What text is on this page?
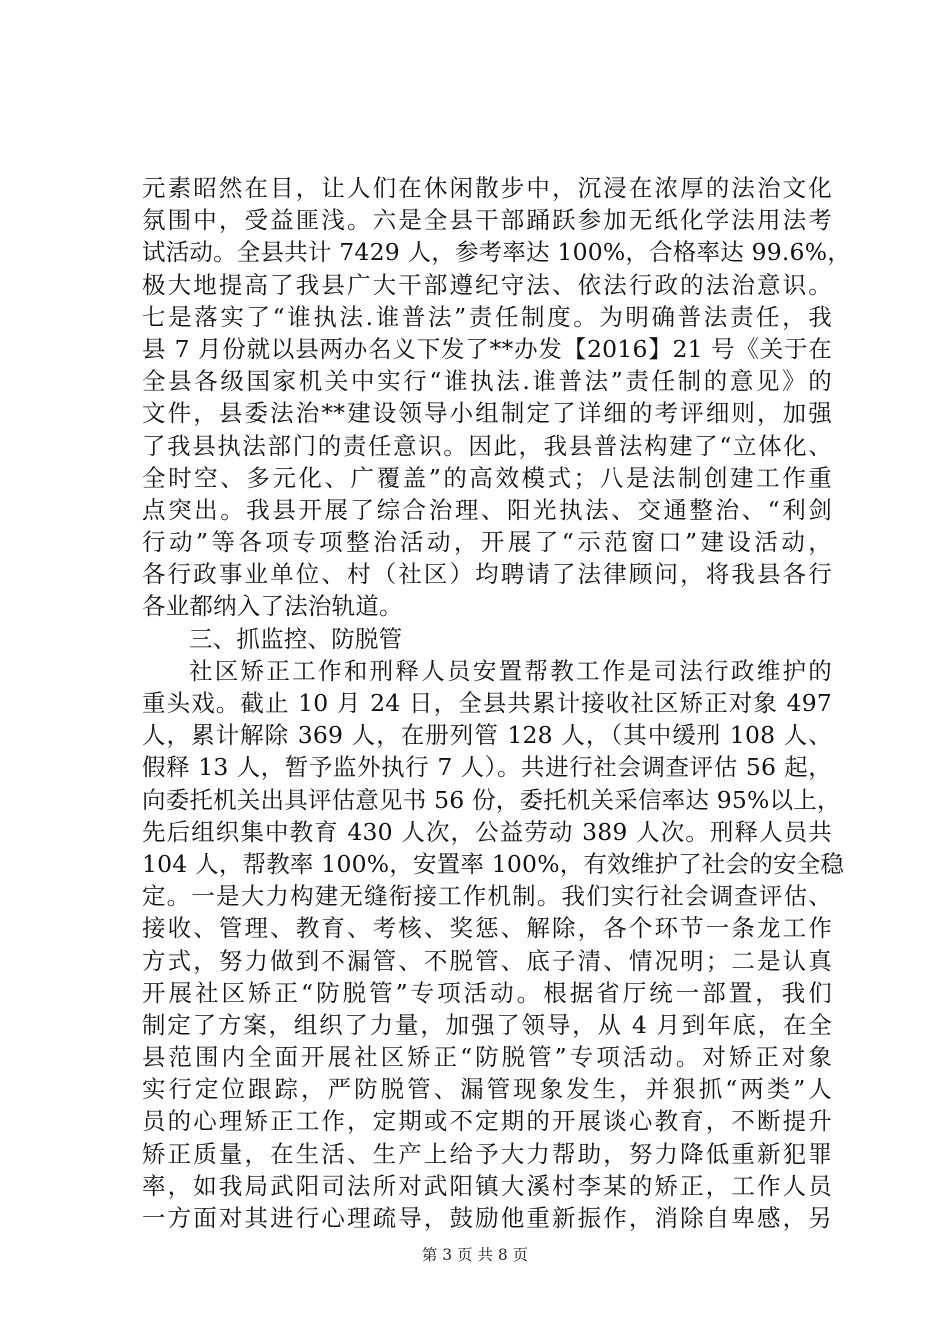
元素昭然在目，让人们在休闲散步中，沉浸在浓厚的法治文化
氛围中，受益匪浅。六是全县干部踊跃参加无纸化学法用法考
试活动。全县共计 7429 人，参考率达 100%，合格率达 99.6%，
极大地提高了我县广大干部遵纪守法、依法行政的法治意识。
七是落实了“谁执法.谁普法”责任制度。为明确普法责任，我
县 7 月份就以县两办名义下发了**办发【2016】21 号《关于在
全县各级国家机关中实行“谁执法.谁普法”责任制的意见》的
文件，县委法治**建设领导小组制定了详细的考评细则，加强
了我县执法部门的责任意识。因此，我县普法构建了“立体化、
全时空、多元化、广覆盖”的高效模式；八是法制创建工作重
点突出。我县开展了综合治理、阳光执法、交通整治、“利剑
行动”等各项专项整治活动，开展了“示范窗口”建设活动，
各行政事业单位、村（社区）均聘请了法律顾问，将我县各行
各业都纳入了法治轨道。
三、抓监控、防脱管
社区矫正工作和刑释人员安置帮教工作是司法行政维护的
重头戏。截止 10 月 24 日，全县共累计接收社区矫正对象 497
人，累计解除 369 人，在册列管 128 人，（其中缓刑 108 人、
假释 13 人，暂予监外执行 7 人）。共进行社会调查评估 56 起，
向委托机关出具评估意见书 56 份，委托机关采信率达 95%以上，
先后组织集中教育 430 人次，公益劳动 389 人次。刑释人员共
104 人，帮教率 100%，安置率 100%，有效维护了社会的安全稳
定。一是大力构建无缝衔接工作机制。我们实行社会调查评估、
接收、管理、教育、考核、奖惩、解除，各个环节一条龙工作
方式，努力做到不漏管、不脱管、底子清、情况明；二是认真
开展社区矫正“防脱管”专项活动。根据省厅统一部置，我们
制定了方案，组织了力量，加强了领导，从 4 月到年底，在全
县范围内全面开展社区矫正“防脱管”专项活动。对矫正对象
实行定位跟踪，严防脱管、漏管现象发生，并狠抓“两类”人
员的心理矫正工作，定期或不定期的开展谈心教育，不断提升
矫正质量，在生活、生产上给予大力帮助，努力降低重新犯罪
率，如我局武阳司法所对武阳镇大溪村李某的矫正，工作人员
一方面对其进行心理疏导，鼓励他重新振作，消除自卑感，另
第 3 页 共 8 页
